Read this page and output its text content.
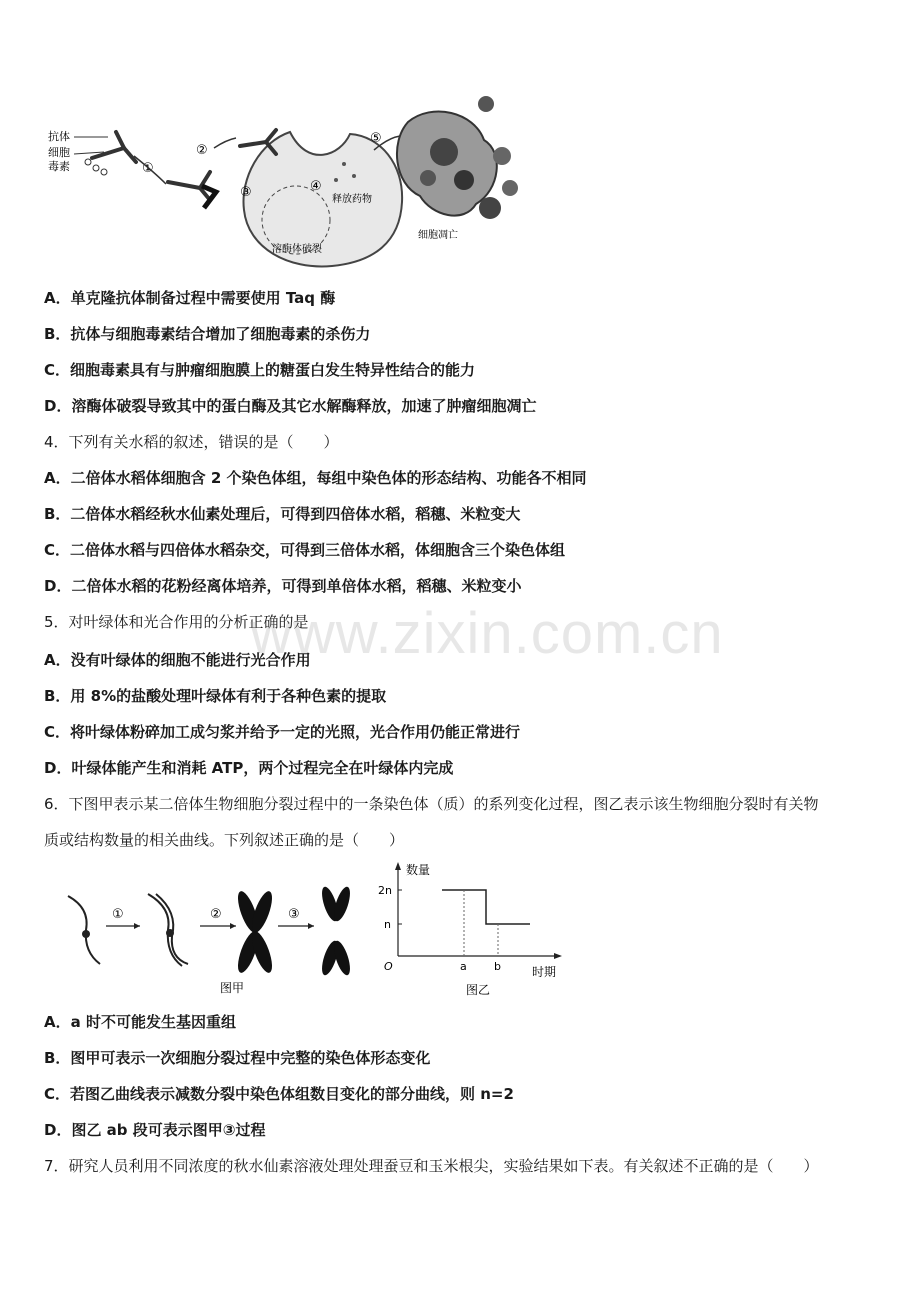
抗体
细胞
毒素	①
②
③
溶酶体破裂
④
释放药物
⑤
细胞凋亡
A．单克隆抗体制备过程中需要使用 Taq 酶
B．抗体与细胞毒素结合增加了细胞毒素的杀伤力
C．细胞毒素具有与肿瘤细胞膜上的糖蛋白发生特异性结合的能力
D．溶酶体破裂导致其中的蛋白酶及其它水解酶释放，加速了肿瘤细胞凋亡
4．下列有关水稻的叙述，错误的是（　　）
A．二倍体水稻体细胞含 2 个染色体组，每组中染色体的形态结构、功能各不相同
B．二倍体水稻经秋水仙素处理后，可得到四倍体水稻，稻穗、米粒变大
C．二倍体水稻与四倍体水稻杂交，可得到三倍体水稻，体细胞含三个染色体组
D．二倍体水稻的花粉经离体培养，可得到单倍体水稻，稻穗、米粒变小
5．对叶绿体和光合作用的分析正确的是
A．没有叶绿体的细胞不能进行光合作用
B．用 8%的盐酸处理叶绿体有利于各种色素的提取
C．将叶绿体粉碎加工成匀浆并给予一定的光照，光合作用仍能正常进行
D．叶绿体能产生和消耗 ATP，两个过程完全在叶绿体内完成
6．下图甲表示某二倍体生物细胞分裂过程中的一条染色体（质）的系列变化过程，图乙表示该生物细胞分裂时有关物
质或结构数量的相关曲线。下列叙述正确的是（　　）
①	②	③
图甲
数量
2n
n
O	a b	时期
图乙
A．a 时不可能发生基因重组
B．图甲可表示一次细胞分裂过程中完整的染色体形态变化
C．若图乙曲线表示减数分裂中染色体组数目变化的部分曲线，则 n=2
D．图乙 ab 段可表示图甲③过程
7．研究人员利用不同浓度的秋水仙素溶液处理处理蚕豆和玉米根尖，实验结果如下表。有关叙述不正确的是（　　）
www.zixin.com.cn
